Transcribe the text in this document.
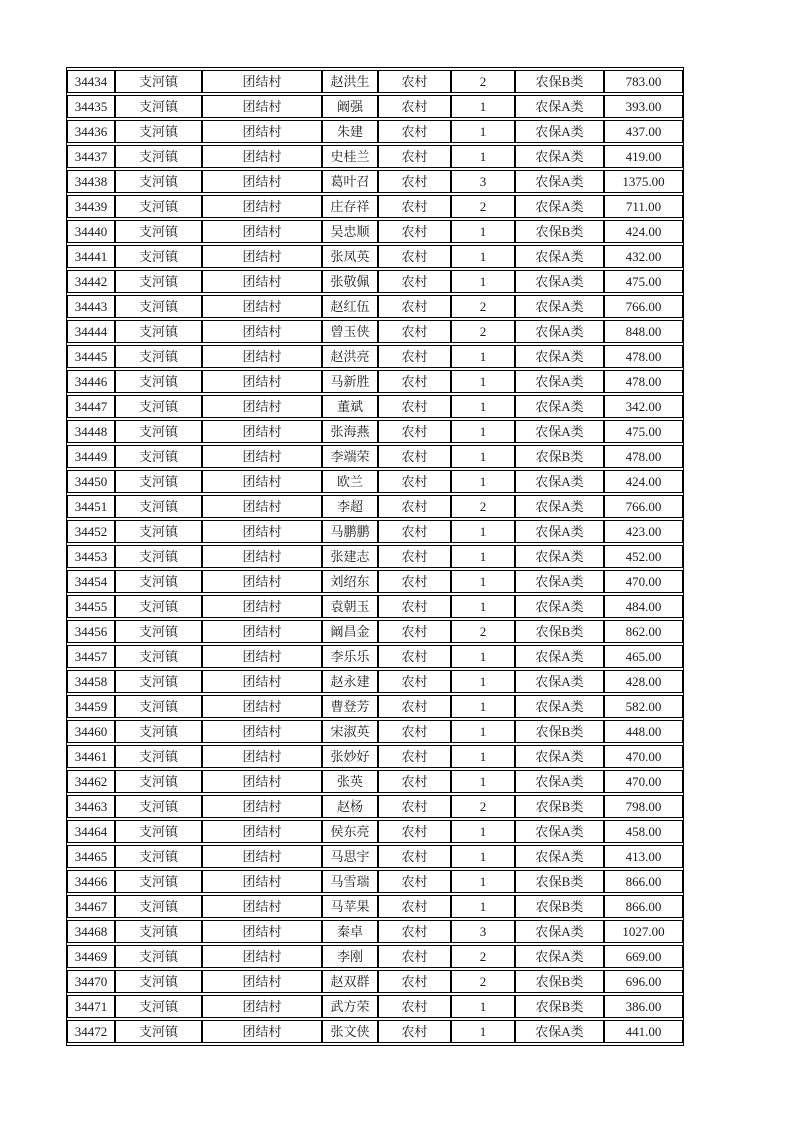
34434	支河镇	团结村	赵洪生	农村	2	农保B类	783.00
34435	支河镇	团结村	阚强	农村	1	农保A类	393.00
34436	支河镇	团结村	朱建	农村	1	农保A类	437.00
34437	支河镇	团结村	史桂兰	农村	1	农保A类	419.00
34438	支河镇	团结村	葛叶召	农村	3	农保A类	1375.00
34439	支河镇	团结村	庄存祥	农村	2	农保A类	711.00
34440	支河镇	团结村	吴忠顺	农村	1	农保B类	424.00
34441	支河镇	团结村	张凤英	农村	1	农保A类	432.00
34442	支河镇	团结村	张敬佩	农村	1	农保A类	475.00
34443	支河镇	团结村	赵红伍	农村	2	农保A类	766.00
34444	支河镇	团结村	曾玉侠	农村	2	农保A类	848.00
34445	支河镇	团结村	赵洪亮	农村	1	农保A类	478.00
34446	支河镇	团结村	马新胜	农村	1	农保A类	478.00
34447	支河镇	团结村	董斌	农村	1	农保A类	342.00
34448	支河镇	团结村	张海燕	农村	1	农保A类	475.00
34449	支河镇	团结村	李端荣	农村	1	农保B类	478.00
34450	支河镇	团结村	欧兰	农村	1	农保A类	424.00
34451	支河镇	团结村	李超	农村	2	农保A类	766.00
34452	支河镇	团结村	马鹏鹏	农村	1	农保A类	423.00
34453	支河镇	团结村	张建志	农村	1	农保A类	452.00
34454	支河镇	团结村	刘绍东	农村	1	农保A类	470.00
34455	支河镇	团结村	袁朝玉	农村	1	农保A类	484.00
34456	支河镇	团结村	阚昌金	农村	2	农保B类	862.00
34457	支河镇	团结村	李乐乐	农村	1	农保A类	465.00
34458	支河镇	团结村	赵永建	农村	1	农保A类	428.00
34459	支河镇	团结村	曹登芳	农村	1	农保A类	582.00
34460	支河镇	团结村	宋淑英	农村	1	农保B类	448.00
34461	支河镇	团结村	张妙好	农村	1	农保A类	470.00
34462	支河镇	团结村	张英	农村	1	农保A类	470.00
34463	支河镇	团结村	赵杨	农村	2	农保B类	798.00
34464	支河镇	团结村	侯东亮	农村	1	农保A类	458.00
34465	支河镇	团结村	马思宇	农村	1	农保A类	413.00
34466	支河镇	团结村	马雪瑞	农村	1	农保B类	866.00
34467	支河镇	团结村	马苹果	农村	1	农保B类	866.00
34468	支河镇	团结村	秦卓	农村	3	农保A类	1027.00
34469	支河镇	团结村	李刚	农村	2	农保A类	669.00
34470	支河镇	团结村	赵双群	农村	2	农保B类	696.00
34471	支河镇	团结村	武方荣	农村	1	农保B类	386.00
34472	支河镇	团结村	张文侠	农村	1	农保A类	441.00
